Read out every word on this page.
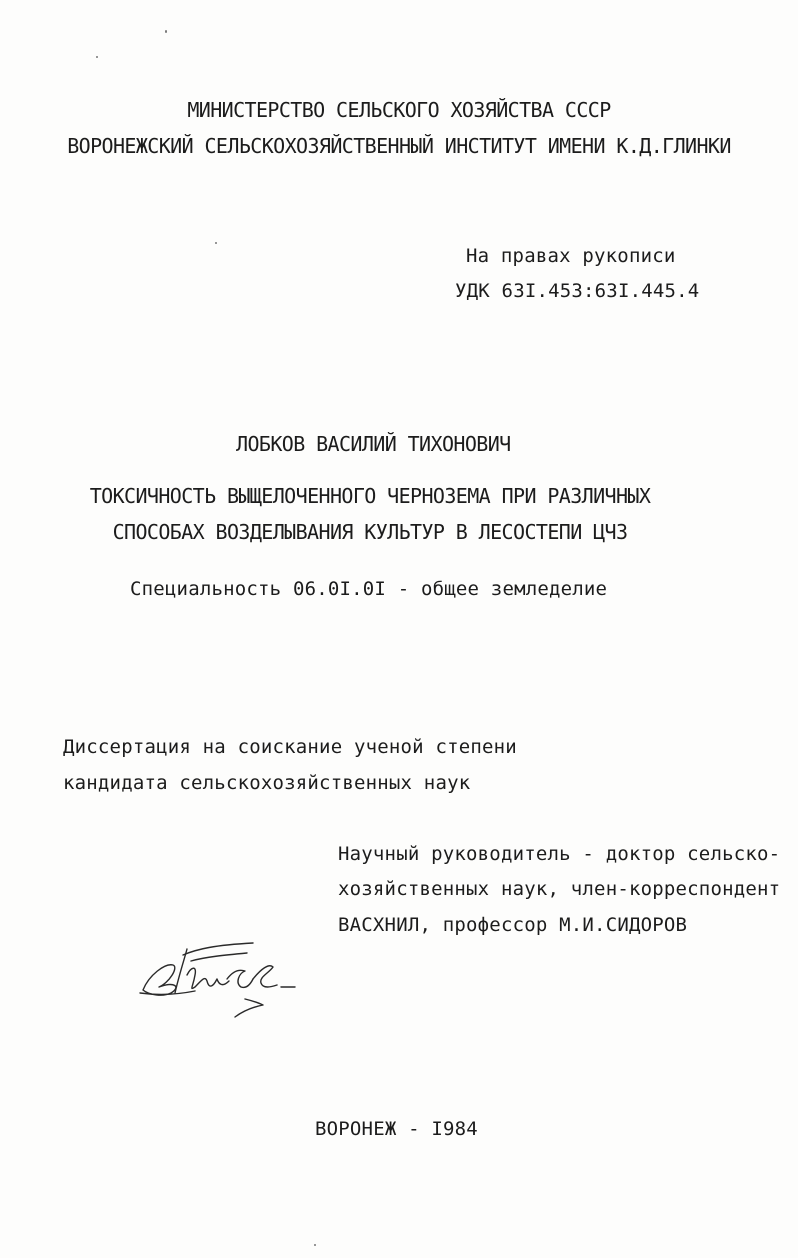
МИНИСТЕРСТВО СЕЛЬСКОГО ХОЗЯЙСТВА СССР
ВОРОНЕЖСКИЙ СЕЛЬСКОХОЗЯЙСТВЕННЫЙ ИНСТИТУТ ИМЕНИ К.Д.ГЛИНКИ
На правах рукописи
УДК 63I.453:63I.445.4
ЛОБКОВ ВАСИЛИЙ ТИХОНОВИЧ
ТОКСИЧНОСТЬ ВЫЩЕЛОЧЕННОГО ЧЕРНОЗЕМА ПРИ РАЗЛИЧНЫХ
СПОСОБАХ ВОЗДЕЛЫВАНИЯ КУЛЬТУР В ЛЕСОСТЕПИ ЦЧЗ
Специальность 06.0I.0I - общее земледелие
Диссертация на соискание ученой степени
кандидата сельскохозяйственных наук
Научный руководитель - доктор сельско-
хозяйственных наук, член-корреспондент
ВАСХНИЛ, профессор М.И.СИДОРОВ
ВОРОНЕЖ - I984
